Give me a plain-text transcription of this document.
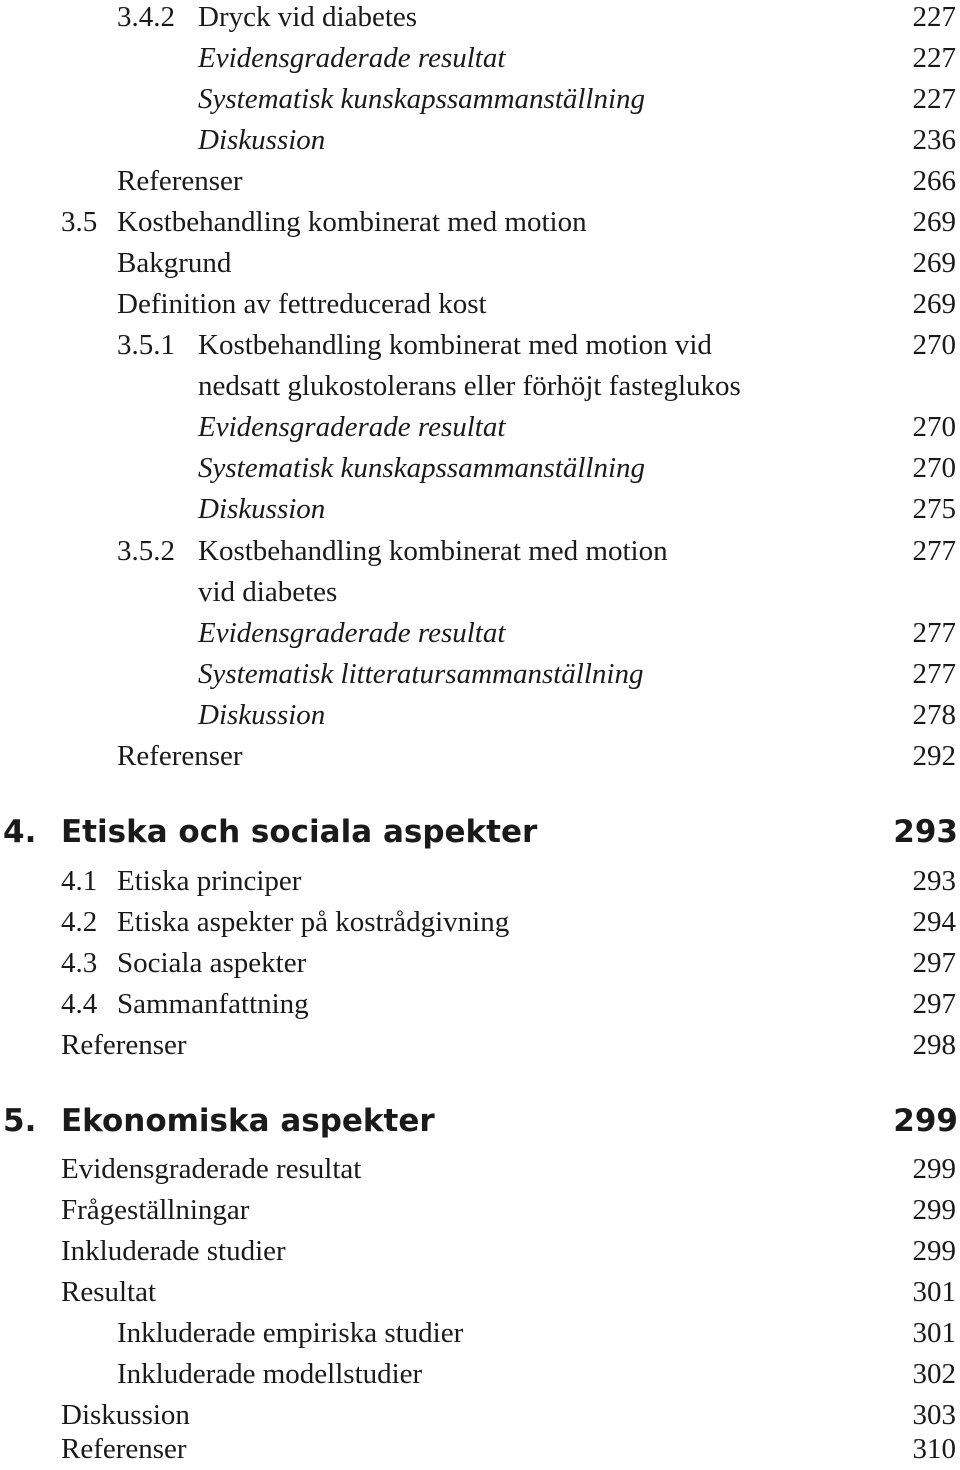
3.4.2 Dryck vid diabetes	227
Evidensgraderade resultat	227
Systematisk kunskapssammanställning	227
Diskussion	236
Referenser	266
3.5 Kostbehandling kombinerat med motion	269
Bakgrund	269
Definition av fettreducerad kost	269
3.5.1 Kostbehandling kombinerat med motion vid	270
nedsatt glukostolerans eller förhöjt fasteglukos
Evidensgraderade resultat	270
Systematisk kunskapssammanställning	270
Diskussion	275
3.5.2 Kostbehandling kombinerat med motion	277
vid diabetes
Evidensgraderade resultat	277
Systematisk litteratursammanställning	277
Diskussion	278
Referenser	292
4. Etiska och sociala aspekter	293
4.1 Etiska principer	293
4.2 Etiska aspekter på kostrådgivning	294
4.3 Sociala aspekter	297
4.4 Sammanfattning	297
Referenser	298
5. Ekonomiska aspekter	299
Evidensgraderade resultat	299
Frågeställningar	299
Inkluderade studier	299
Resultat	301
Inkluderade empiriska studier	301
Inkluderade modellstudier	302
Diskussion	303
Referenser	310
